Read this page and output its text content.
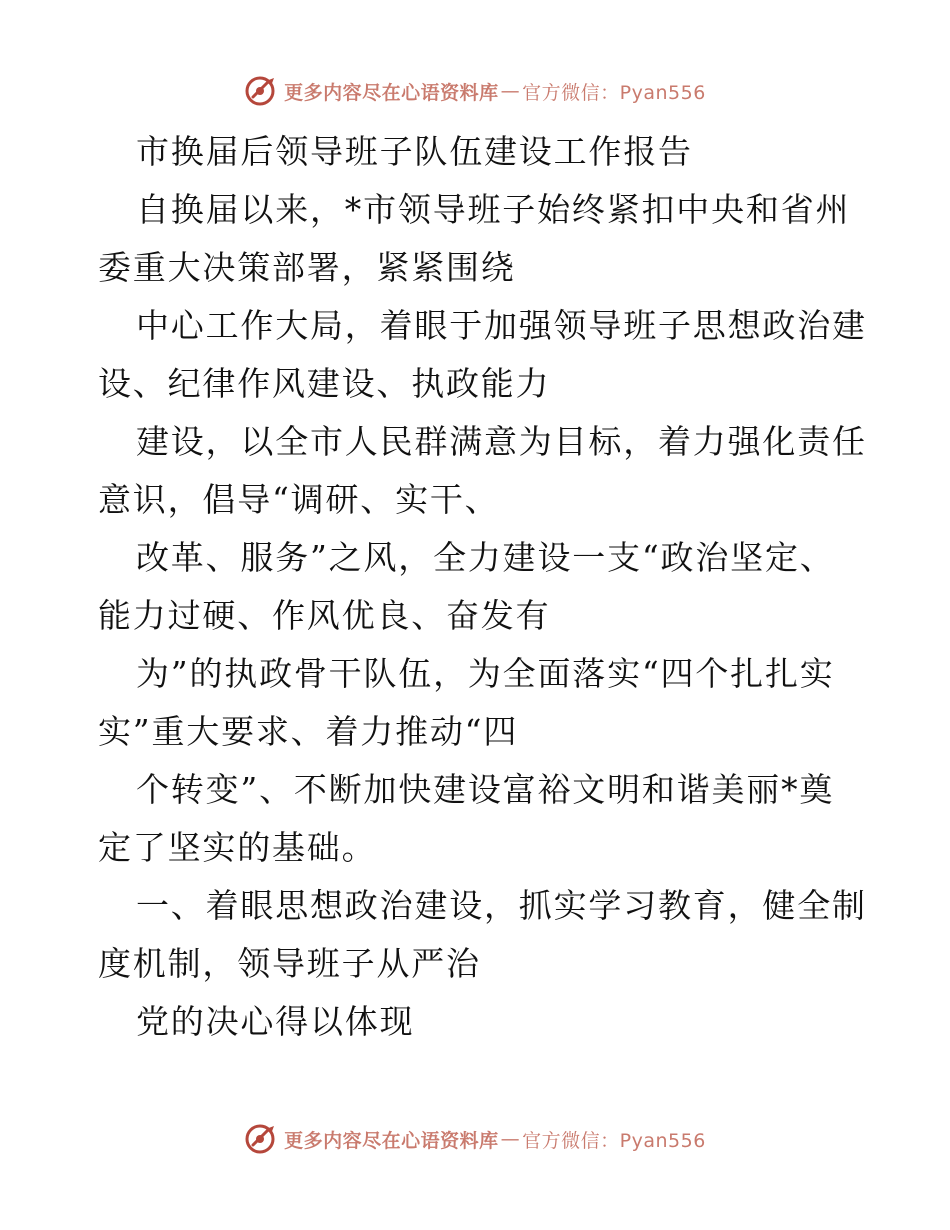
更多内容尽在心语资料库 — 官方微信：Pyan556
市换届后领导班子队伍建设工作报告
自换届以来，*市领导班子始终紧扣中央和省州
委重大决策部署，紧紧围绕
中心工作大局，着眼于加强领导班子思想政治建
设、纪律作风建设、执政能力
建设，以全市人民群满意为目标，着力强化责任
意识，倡导“调研、实干、
改革、服务”之风，全力建设一支“政治坚定、
能力过硬、作风优良、奋发有
为”的执政骨干队伍，为全面落实“四个扎扎实
实”重大要求、着力推动“四
个转变”、不断加快建设富裕文明和谐美丽*奠
定了坚实的基础。
一、着眼思想政治建设，抓实学习教育，健全制
度机制，领导班子从严治
党的决心得以体现
更多内容尽在心语资料库 — 官方微信：Pyan556
